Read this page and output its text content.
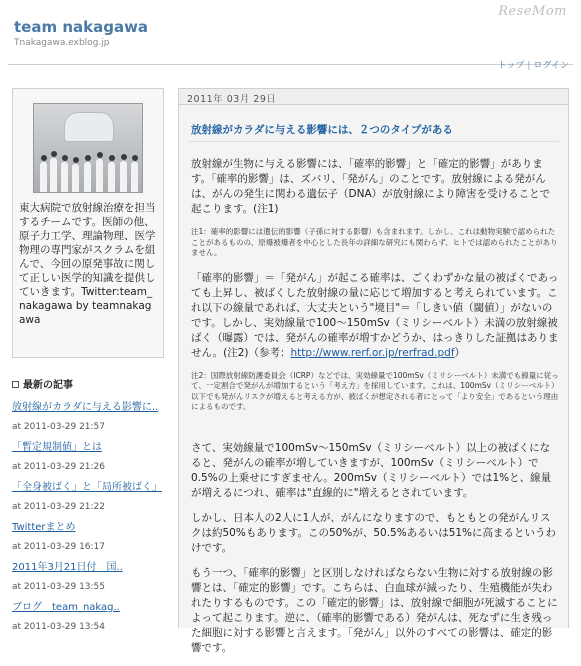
team nakagawa
Tnakagawa.exblog.jp
ReseMom
トップ | ログイン
東大病院で放射線治療を担当するチームです。医師の他、原子力工学、理論物理、医学物理の専門家がスクラムを組んで、今回の原発事故に関して正しい医学的知識を提供していきます。Twitter:team_nakagawa by teamnakagawa
最新の記事
放射線がカラダに与える影響に..
at 2011-03-29 21:57
「暫定規制値」とは
at 2011-03-29 21:26
「全身被ばく」と「局所被ばく」
at 2011-03-29 21:22
Twitterまとめ
at 2011-03-29 16:17
2011年3月21日付　国..
at 2011-03-29 13:55
ブログ　team_nakag..
at 2011-03-29 13:54
2011年 03月 29日
放射線がカラダに与える影響には、２つのタイプがある
放射線が生物に与える影響には、「確率的影響」と「確定的影響」があります。「確率的影響」は、ズバリ、「発がん」のことです。放射線による発がんは、がんの発生に関わる遺伝子（DNA）が放射線により障害を受けることで起こります。(注1)
注1：確率的影響には遺伝的影響（子孫に対する影響）も含まれます。しかし、これは動物実験で認められたことがあるものの、原爆被爆者を中心とした長年の詳細な研究にも関わらず、ヒトでは認められたことがありません。
「確率的影響」＝「発がん」が起こる確率は、ごくわずかな量の被ばくであっても上昇し、被ばくした放射線の量に応じて増加すると考えられています。これ以下の線量であれば、大丈夫という"境目"＝「しきい値（閾値）」がないのです。しかし、実効線量で100～150mSv（ミリシーベルト）未満の放射線被ばく（曝露）では、発がんの確率が増すかどうか、はっきりした証拠はありません。(注2)（参考：http://www.rerf.or.jp/rerfrad.pdf）
注2：国際放射線防護委員会（ICRP）などでは、実効線量で100mSv（ミリシーベルト）未満でも線量に従って、一定割合で発がんが増加するという「考え方」を採用しています。これは、100mSv（ミリシーベルト）以下でも発がんリスクが増えると考える方が、被ばくが想定される者にとって「より安全」であるという理由によるものです。
さて、実効線量で100mSv～150mSv（ミリシーベルト）以上の被ばくになると、発がんの確率が増していきますが、100mSv（ミリシーベルト）で0.5%の上乗せにすぎません。200mSv（ミリシーベルト）では1%と、線量が増えるにつれ、確率は"直線的に"増えるとされています。
しかし、日本人の2人に1人が、がんになりますので、もともとの発がんリスクは約50%もあります。この50%が、50.5%あるいは51%に高まるというわけです。
もう一つ、「確率的影響」と区別しなければならない生物に対する放射線の影響とは、「確定的影響」です。こちらは、白血球が減ったり、生殖機能が失われたりするものです。この「確定的影響」は、放射線で細胞が死滅することによって起こります。逆に、（確率的影響である）発がんは、死なずに生き残った細胞に対する影響と言えます。「発がん」以外のすべての影響は、確定的影響です。
